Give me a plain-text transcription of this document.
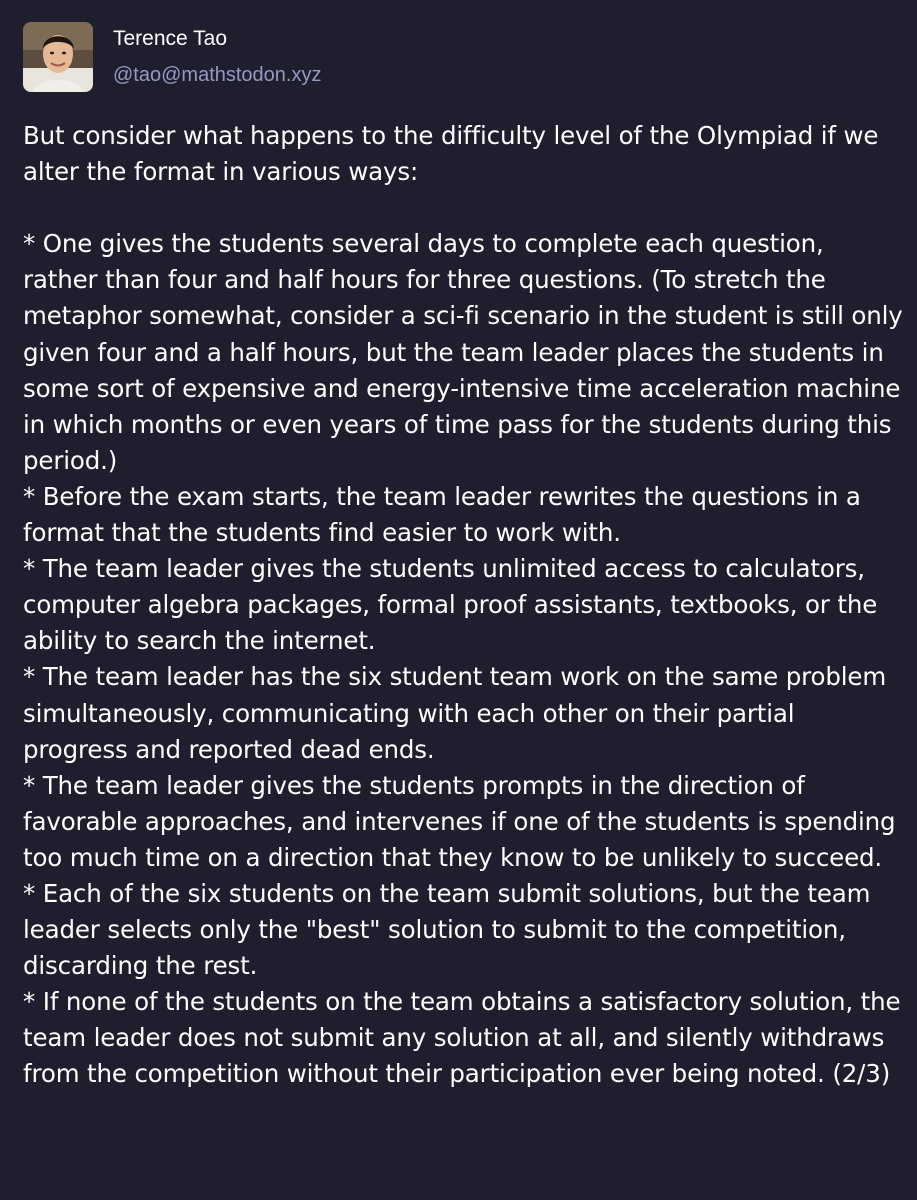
Terence Tao
@tao@mathstodon.xyz

But consider what happens to the difficulty level of the Olympiad if we alter the format in various ways:

* One gives the students several days to complete each question, rather than four and half hours for three questions. (To stretch the metaphor somewhat, consider a sci-fi scenario in the student is still only given four and a half hours, but the team leader places the students in some sort of expensive and energy-intensive time acceleration machine in which months or even years of time pass for the students during this period.)

* Before the exam starts, the team leader rewrites the questions in a format that the students find easier to work with.

* The team leader gives the students unlimited access to calculators, computer algebra packages, formal proof assistants, textbooks, or the ability to search the internet.

* The team leader has the six student team work on the same problem simultaneously, communicating with each other on their partial progress and reported dead ends.

* The team leader gives the students prompts in the direction of favorable approaches, and intervenes if one of the students is spending too much time on a direction that they know to be unlikely to succeed.

* Each of the six students on the team submit solutions, but the team leader selects only the "best" solution to submit to the competition, discarding the rest.

* If none of the students on the team obtains a satisfactory solution, the team leader does not submit any solution at all, and silently withdraws from the competition without their participation ever being noted. (2/3)
